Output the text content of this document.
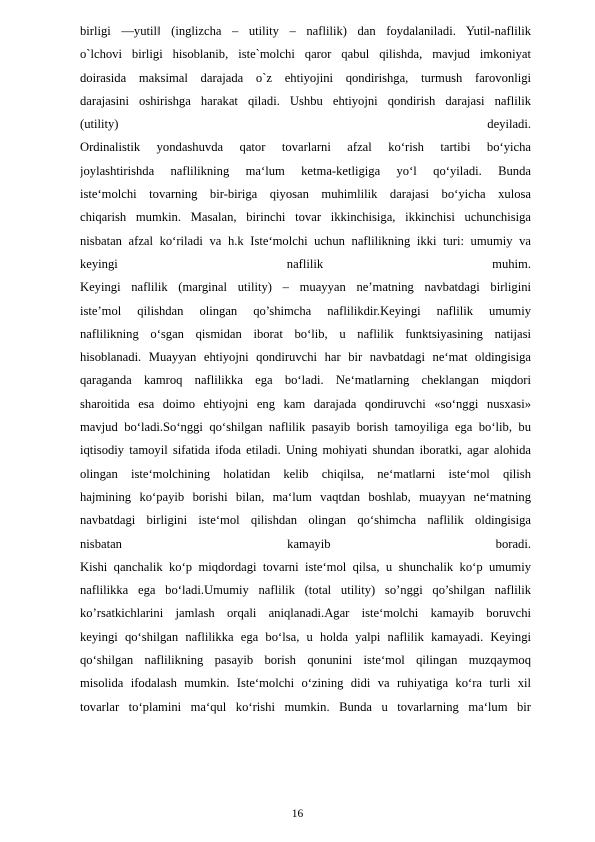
birligi —yutil‖ (inglizcha – utility – naflilik) dan foydalaniladi. Yutil-naflilik
o`lchovi birligi hisoblanib, iste`molchi qaror qabul qilishda, mavjud imkoniyat
doirasida maksimal darajada o`z ehtiyojini qondirishga, turmush farovonligi
darajasini oshirishga harakat qiladi. Ushbu ehtiyojni qondirish darajasi naflilik
(utility) deyiladi.
Ordinalistik yondashuvda qator tovarlarni afzal ko‘rish tartibi bo‘yicha
joylashtirishda naflilikning ma‘lum ketma-ketligiga yo‘l qo‘yiladi. Bunda
iste‘molchi tovarning bir-biriga qiyosan muhimlilik darajasi bo‘yicha xulosa
chiqarish mumkin. Masalan, birinchi tovar ikkinchisiga, ikkinchisi uchunchisiga
nisbatan afzal ko‘riladi va h.k Iste‘molchi uchun naflilikning ikki turi: umumiy va
keyingi naflilik muhim.
Keyingi naflilik (marginal utility) – muayyan ne’matning navbatdagi birligini
iste’mol qilishdan olingan qo’shimcha naflilikdir.Keyingi naflilik umumiy
naflilikning o‘sgan qismidan iborat bo‘lib, u naflilik funktsiyasining natijasi
hisoblanadi. Muayyan ehtiyojni qondiruvchi har bir navbatdagi ne‘mat oldingisiga
qaraganda kamroq naflilikka ega bo‘ladi. Ne‘matlarning cheklangan miqdori
sharoitida esa doimo ehtiyojni eng kam darajada qondiruvchi «so‘nggi nusxasi»
mavjud bo‘ladi.So‘nggi qo‘shilgan naflilik pasayib borish tamoyiliga ega bo‘lib, bu
iqtisodiy tamoyil sifatida ifoda etiladi. Uning mohiyati shundan iboratki, agar alohida
olingan iste‘molchining holatidan kelib chiqilsa, ne‘matlarni iste‘mol qilish
hajmining ko‘payib borishi bilan, ma‘lum vaqtdan boshlab, muayyan ne‘matning
navbatdagi birligini iste‘mol qilishdan olingan qo‘shimcha naflilik oldingisiga
nisbatan kamayib boradi.
Kishi qanchalik ko‘p miqdordagi tovarni iste‘mol qilsa, u shunchalik ko‘p umumiy
naflilikka ega bo‘ladi.Umumiy naflilik (total utility) so’nggi qo’shilgan naflilik
ko’rsatkichlarini jamlash orqali aniqlanadi.Agar iste‘molchi kamayib boruvchi
keyingi qo‘shilgan naflilikka ega bo‘lsa, u holda yalpi naflilik kamayadi. Keyingi
qo‘shilgan naflilikning pasayib borish qonunini iste‘mol qilingan muzqaymoq
misolida ifodalash mumkin. Iste‘molchi o‘zining didi va ruhiyatiga ko‘ra turli xil
tovarlar to‘plamini ma‘qul ko‘rishi mumkin. Bunda u tovarlarning ma‘lum bir
16
